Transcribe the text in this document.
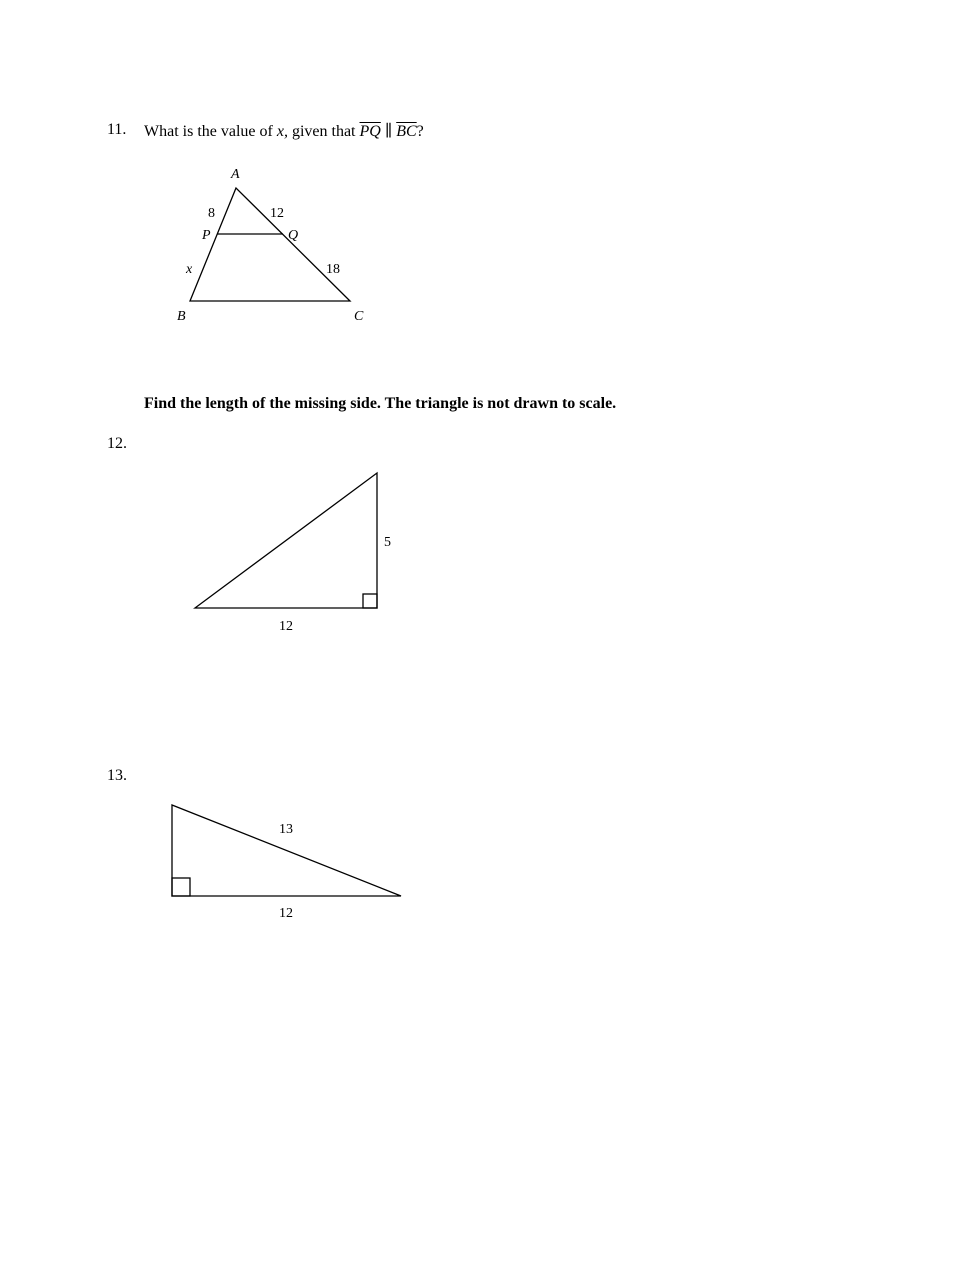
11. What is the value of x, given that $\overline{PQ}$ ∥ $\overline{BC}$?
A
8	12
P	Q
x	18
B	C
5
12
13
12
Find the length of the missing side. The triangle is not drawn to scale.
12.
13.
